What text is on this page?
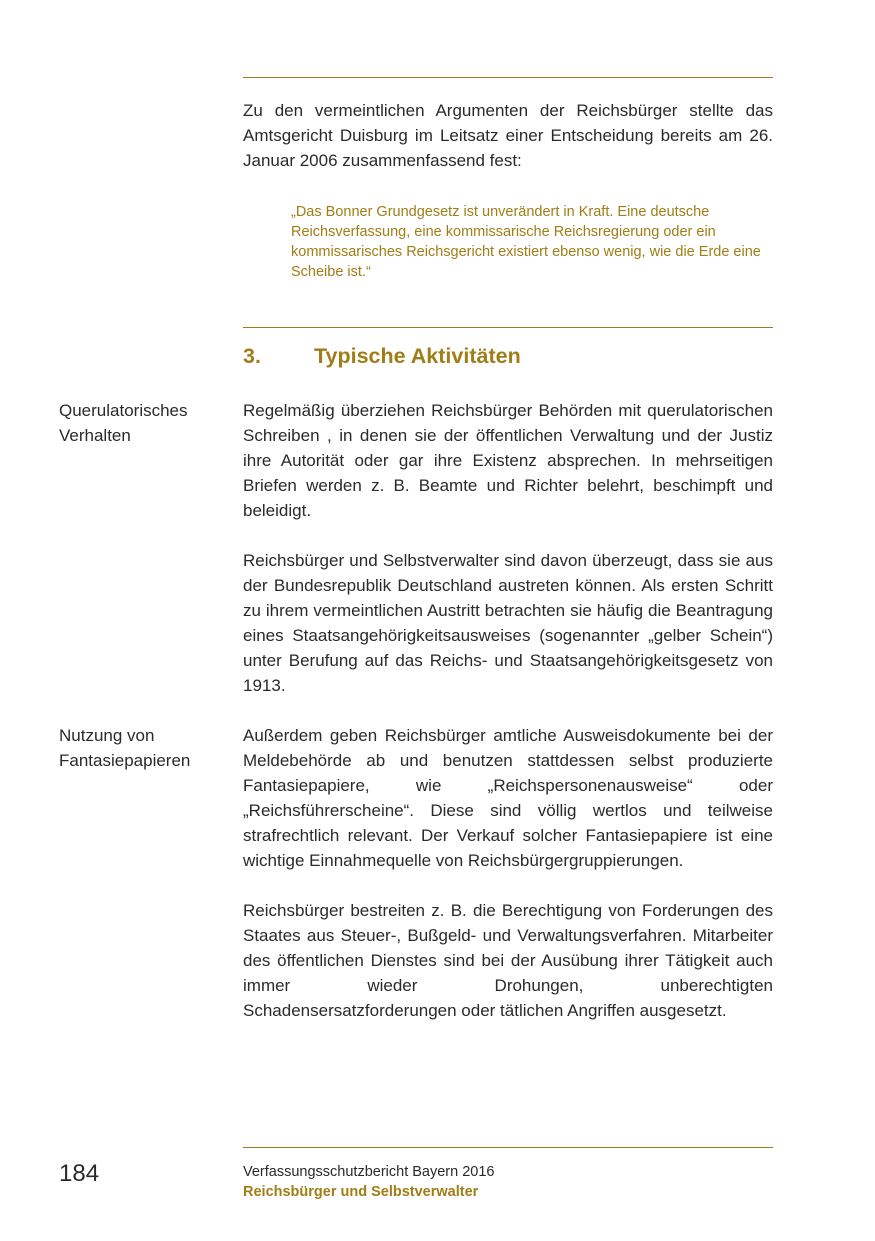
Zu den vermeintlichen Argumenten der Reichsbürger stellte das Amtsgericht Duisburg im Leitsatz einer Entscheidung bereits am 26. Januar 2006 zusammenfassend fest:

„Das Bonner Grundgesetz ist unverändert in Kraft. Eine deutsche Reichsverfassung, eine kommissarische Reichsregierung oder ein kommissarisches Reichsgericht existiert ebenso wenig, wie die Erde eine Scheibe ist.“

3. Typische Aktivitäten
Querulatorisches
Verhalten

Regelmäßig überziehen Reichsbürger Behörden mit querulatorischen Schreiben , in denen sie der öffentlichen Verwaltung und der Justiz ihre Autorität oder gar ihre Existenz absprechen. In mehrseitigen Briefen werden z. B. Beamte und Richter belehrt, beschimpft und beleidigt.

Reichsbürger und Selbstverwalter sind davon überzeugt, dass sie aus der Bundesrepublik Deutschland austreten können. Als ersten Schritt zu ihrem vermeintlichen Austritt betrachten sie häufig die Beantragung eines Staatsangehörigkeitsausweises (sogenannter „gelber Schein“) unter Berufung auf das Reichs- und Staatsangehörigkeitsgesetz von 1913.

Nutzung von
Fantasiepapieren

Außerdem geben Reichsbürger amtliche Ausweisdokumente bei der Meldebehörde ab und benutzen stattdessen selbst produzierte Fantasiepapiere, wie „Reichspersonenausweise“ oder „Reichsführerscheine“. Diese sind völlig wertlos und teilweise strafrechtlich relevant. Der Verkauf solcher Fantasiepapiere ist eine wichtige Einnahmequelle von Reichsbürgergruppierungen.

Reichsbürger bestreiten z. B. die Berechtigung von Forderungen des Staates aus Steuer-, Bußgeld- und Verwaltungsverfahren. Mitarbeiter des öffentlichen Dienstes sind bei der Ausübung ihrer Tätigkeit auch immer wieder Drohungen, unberechtigten Schadensersatzforderungen oder tätlichen Angriffen ausgesetzt.

184	Verfassungsschutzbericht Bayern 2016
Reichsbürger und Selbstverwalter
